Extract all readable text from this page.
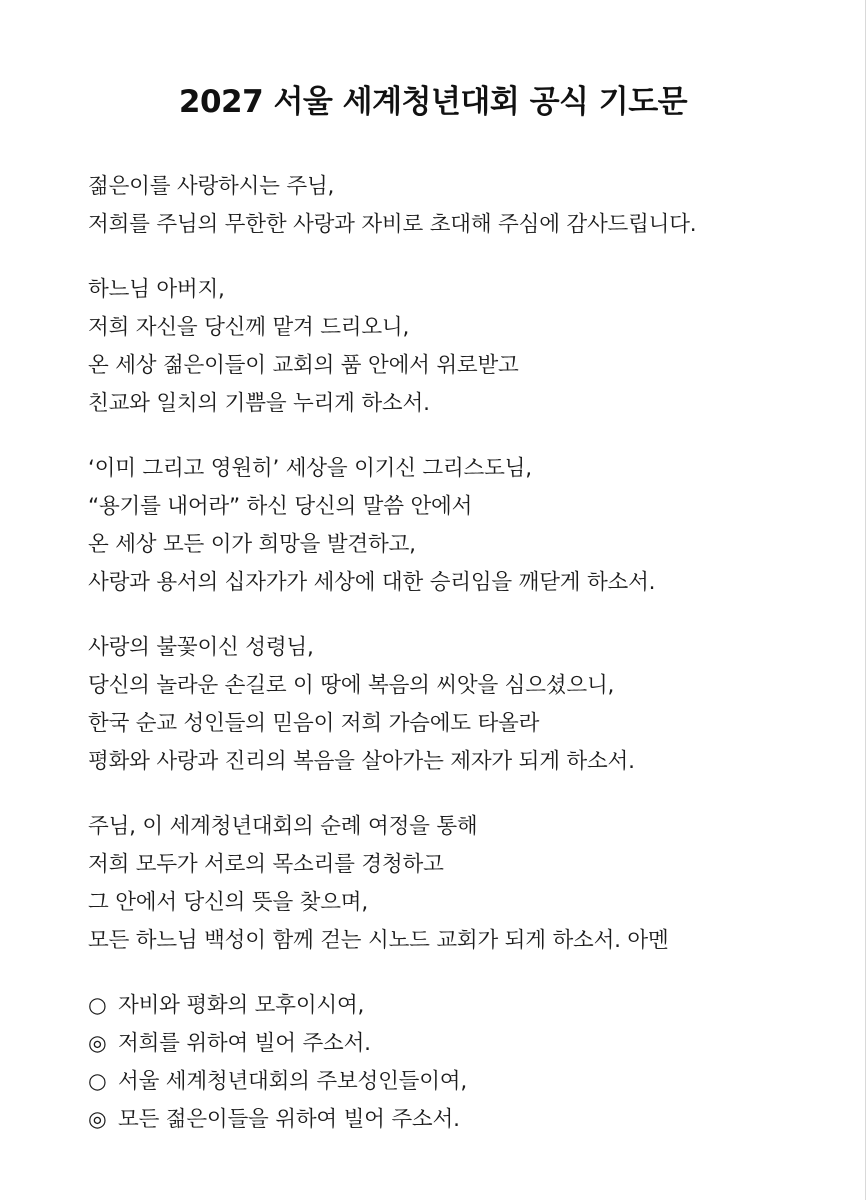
2027 서울 세계청년대회 공식 기도문
젊은이를 사랑하시는 주님,
저희를 주님의 무한한 사랑과 자비로 초대해 주심에 감사드립니다.
하느님 아버지,
저희 자신을 당신께 맡겨 드리오니,
온 세상 젊은이들이 교회의 품 안에서 위로받고
친교와 일치의 기쁨을 누리게 하소서.
‘이미 그리고 영원히’ 세상을 이기신 그리스도님,
“용기를 내어라” 하신 당신의 말씀 안에서
온 세상 모든 이가 희망을 발견하고,
사랑과 용서의 십자가가 세상에 대한 승리임을 깨닫게 하소서.
사랑의 불꽃이신 성령님,
당신의 놀라운 손길로 이 땅에 복음의 씨앗을 심으셨으니,
한국 순교 성인들의 믿음이 저희 가슴에도 타올라
평화와 사랑과 진리의 복음을 살아가는 제자가 되게 하소서.
주님, 이 세계청년대회의 순례 여정을 통해
저희 모두가 서로의 목소리를 경청하고
그 안에서 당신의 뜻을 찾으며,
모든 하느님 백성이 함께 걷는 시노드 교회가 되게 하소서. 아멘
○ 자비와 평화의 모후이시여,
◎ 저희를 위하여 빌어 주소서.
○ 서울 세계청년대회의 주보성인들이여,
◎ 모든 젊은이들을 위하여 빌어 주소서.
